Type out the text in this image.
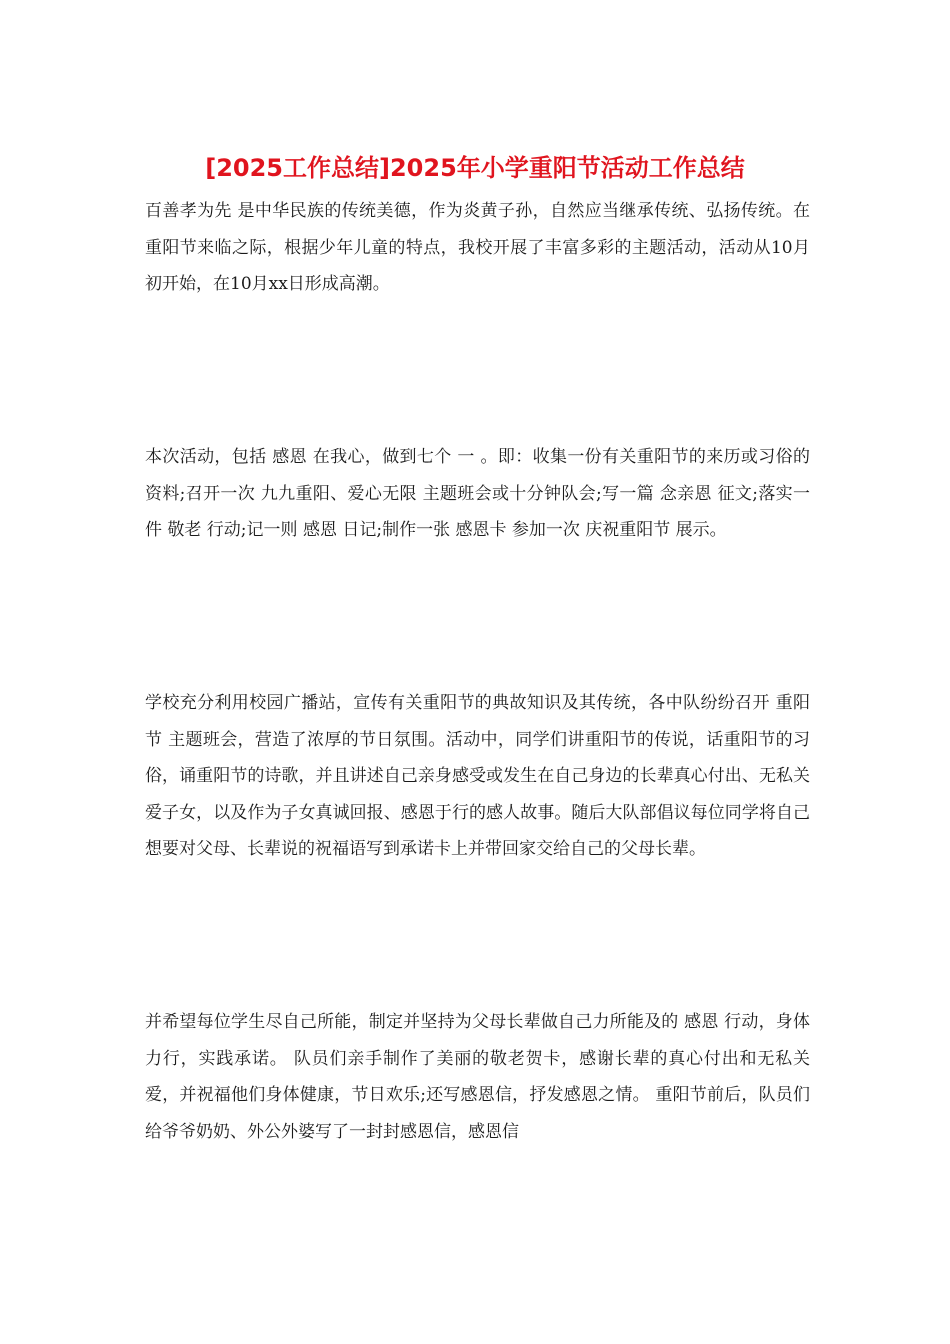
[2025工作总结]2025年小学重阳节活动工作总结

百善孝为先 是中华民族的传统美德，作为炎黄子孙，自然应当继承传统、弘扬传统。在重阳节来临之际，根据少年儿童的特点，我校开展了丰富多彩的主题活动，活动从10月初开始，在10月xx日形成高潮。

本次活动，包括 感恩 在我心，做到七个 一 。即：收集一份有关重阳节的来历或习俗的资料;召开一次 九九重阳、爱心无限 主题班会或十分钟队会;写一篇 念亲恩 征文;落实一件 敬老 行动;记一则 感恩 日记;制作一张 感恩卡 参加一次 庆祝重阳节 展示。

学校充分利用校园广播站，宣传有关重阳节的典故知识及其传统，各中队纷纷召开 重阳节 主题班会，营造了浓厚的节日氛围。活动中，同学们讲重阳节的传说，话重阳节的习俗，诵重阳节的诗歌，并且讲述自己亲身感受或发生在自己身边的长辈真心付出、无私关爱子女，以及作为子女真诚回报、感恩于行的感人故事。随后大队部倡议每位同学将自己想要对父母、长辈说的祝福语写到承诺卡上并带回家交给自己的父母长辈。

并希望每位学生尽自己所能，制定并坚持为父母长辈做自己力所能及的 感恩 行动，身体力行，实践承诺。 队员们亲手制作了美丽的敬老贺卡，感谢长辈的真心付出和无私关爱，并祝福他们身体健康，节日欢乐;还写感恩信，抒发感恩之情。 重阳节前后，队员们给爷爷奶奶、外公外婆写了一封封感恩信，感恩信
